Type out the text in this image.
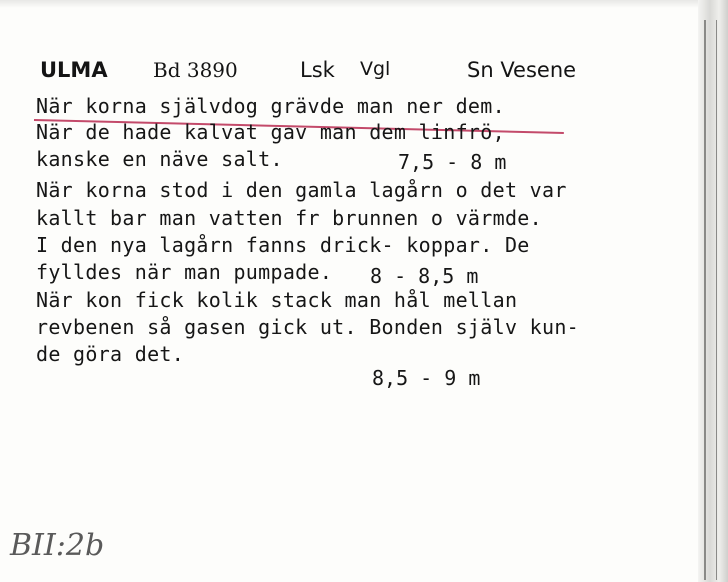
ULMA Bd 3890	Lsk Vgl	Sn Vesene
När korna självdog grävde man ner dem.
När de hade kalvat gav man dem linfrö,
kanske en näve salt.	7,5 - 8 m
När korna stod i den gamla lagårn o det var
kallt bar man vatten fr brunnen o värmde.
I den nya lagårn fanns drick- koppar. De
fylldes när man pumpade. 8 - 8,5 m
När kon fick kolik stack man hål mellan
revbenen så gasen gick ut. Bonden själv kun-
de göra det.
8,5 - 9 m
BII:2b
